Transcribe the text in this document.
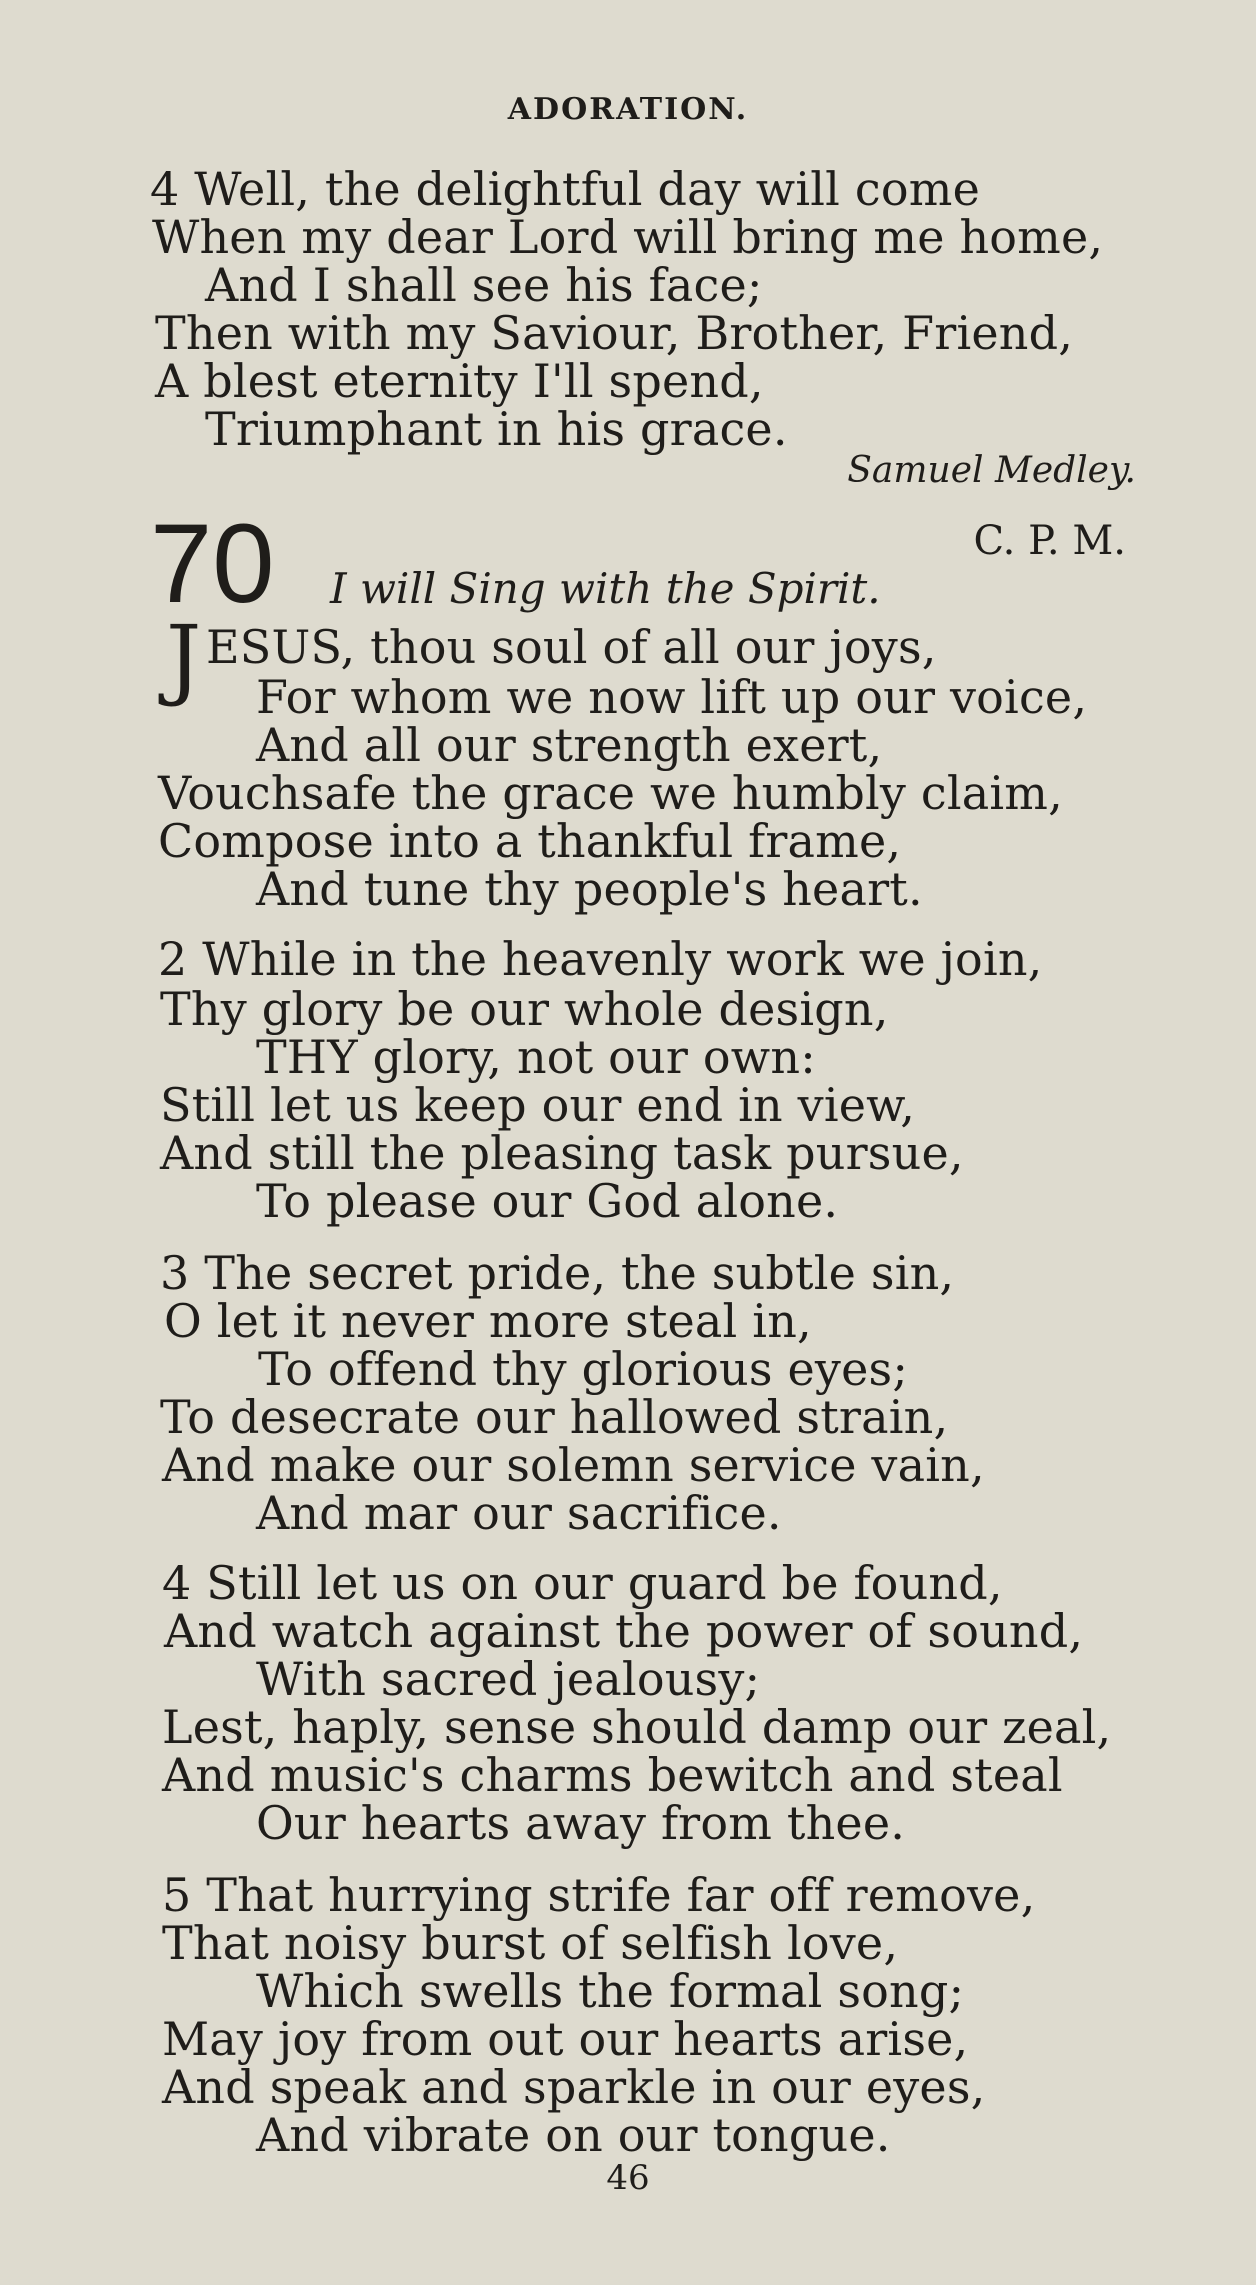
ADORATION.
4 Well, the delightful day will come
When my dear Lord will bring me home,
And I shall see his face;
Then with my Saviour, Brother, Friend,
A blest eternity I'll spend,
Triumphant in his grace.
Samuel Medley.
70	C. P. M.
I will Sing with the Spirit.
J ESUS, thou soul of all our joys,
For whom we now lift up our voice,
And all our strength exert,
Vouchsafe the grace we humbly claim,
Compose into a thankful frame,
And tune thy people's heart.
2 While in the heavenly work we join,
Thy glory be our whole design,
THY glory, not our own:
Still let us keep our end in view,
And still the pleasing task pursue,
To please our God alone.
3 The secret pride, the subtle sin,
O let it never more steal in,
To offend thy glorious eyes;
To desecrate our hallowed strain,
And make our solemn service vain,
And mar our sacrifice.
4 Still let us on our guard be found,
And watch against the power of sound,
With sacred jealousy;
Lest, haply, sense should damp our zeal,
And music's charms bewitch and steal
Our hearts away from thee.
5 That hurrying strife far off remove,
That noisy burst of selfish love,
Which swells the formal song;
May joy from out our hearts arise,
And speak and sparkle in our eyes,
And vibrate on our tongue.
46
